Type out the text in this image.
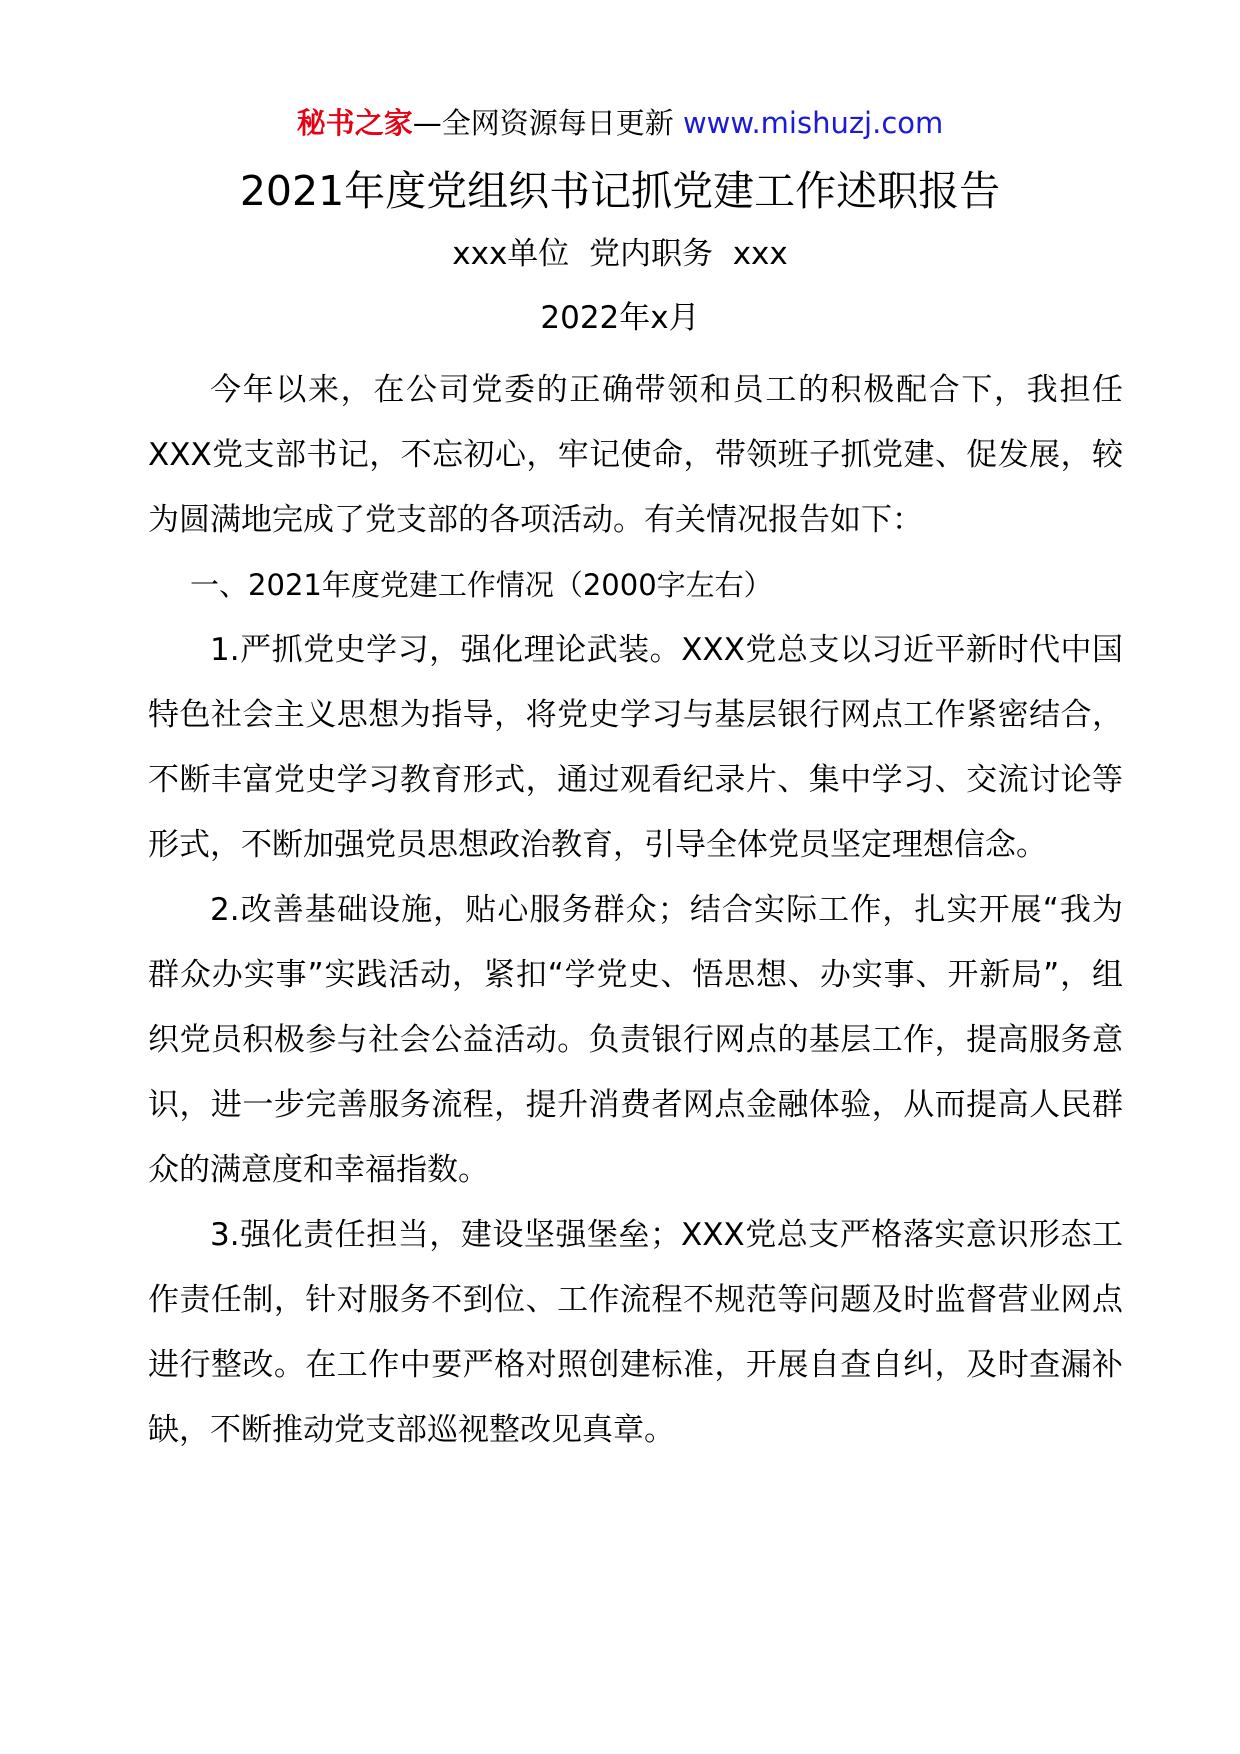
秘书之家—全网资源每日更新 www.mishuzj.com
2021年度党组织书记抓党建工作述职报告
xxx单位  党内职务  xxx
2022年x月

今年以来，在公司党委的正确带领和员工的积极配合下，我担任XXX党支部书记，不忘初心，牢记使命，带领班子抓党建、促发展，较为圆满地完成了党支部的各项活动。有关情况报告如下：

一、2021年度党建工作情况（2000字左右）

1.严抓党史学习，强化理论武装。XXX党总支以习近平新时代中国特色社会主义思想为指导，将党史学习与基层银行网点工作紧密结合，不断丰富党史学习教育形式，通过观看纪录片、集中学习、交流讨论等形式，不断加强党员思想政治教育，引导全体党员坚定理想信念。

2.改善基础设施，贴心服务群众；结合实际工作，扎实开展“我为群众办实事”实践活动，紧扣“学党史、悟思想、办实事、开新局”，组织党员积极参与社会公益活动。负责银行网点的基层工作，提高服务意识，进一步完善服务流程，提升消费者网点金融体验，从而提高人民群众的满意度和幸福指数。

3.强化责任担当，建设坚强堡垒；XXX党总支严格落实意识形态工作责任制，针对服务不到位、工作流程不规范等问题及时监督营业网点进行整改。在工作中要严格对照创建标准，开展自查自纠，及时查漏补缺，不断推动党支部巡视整改见真章。
